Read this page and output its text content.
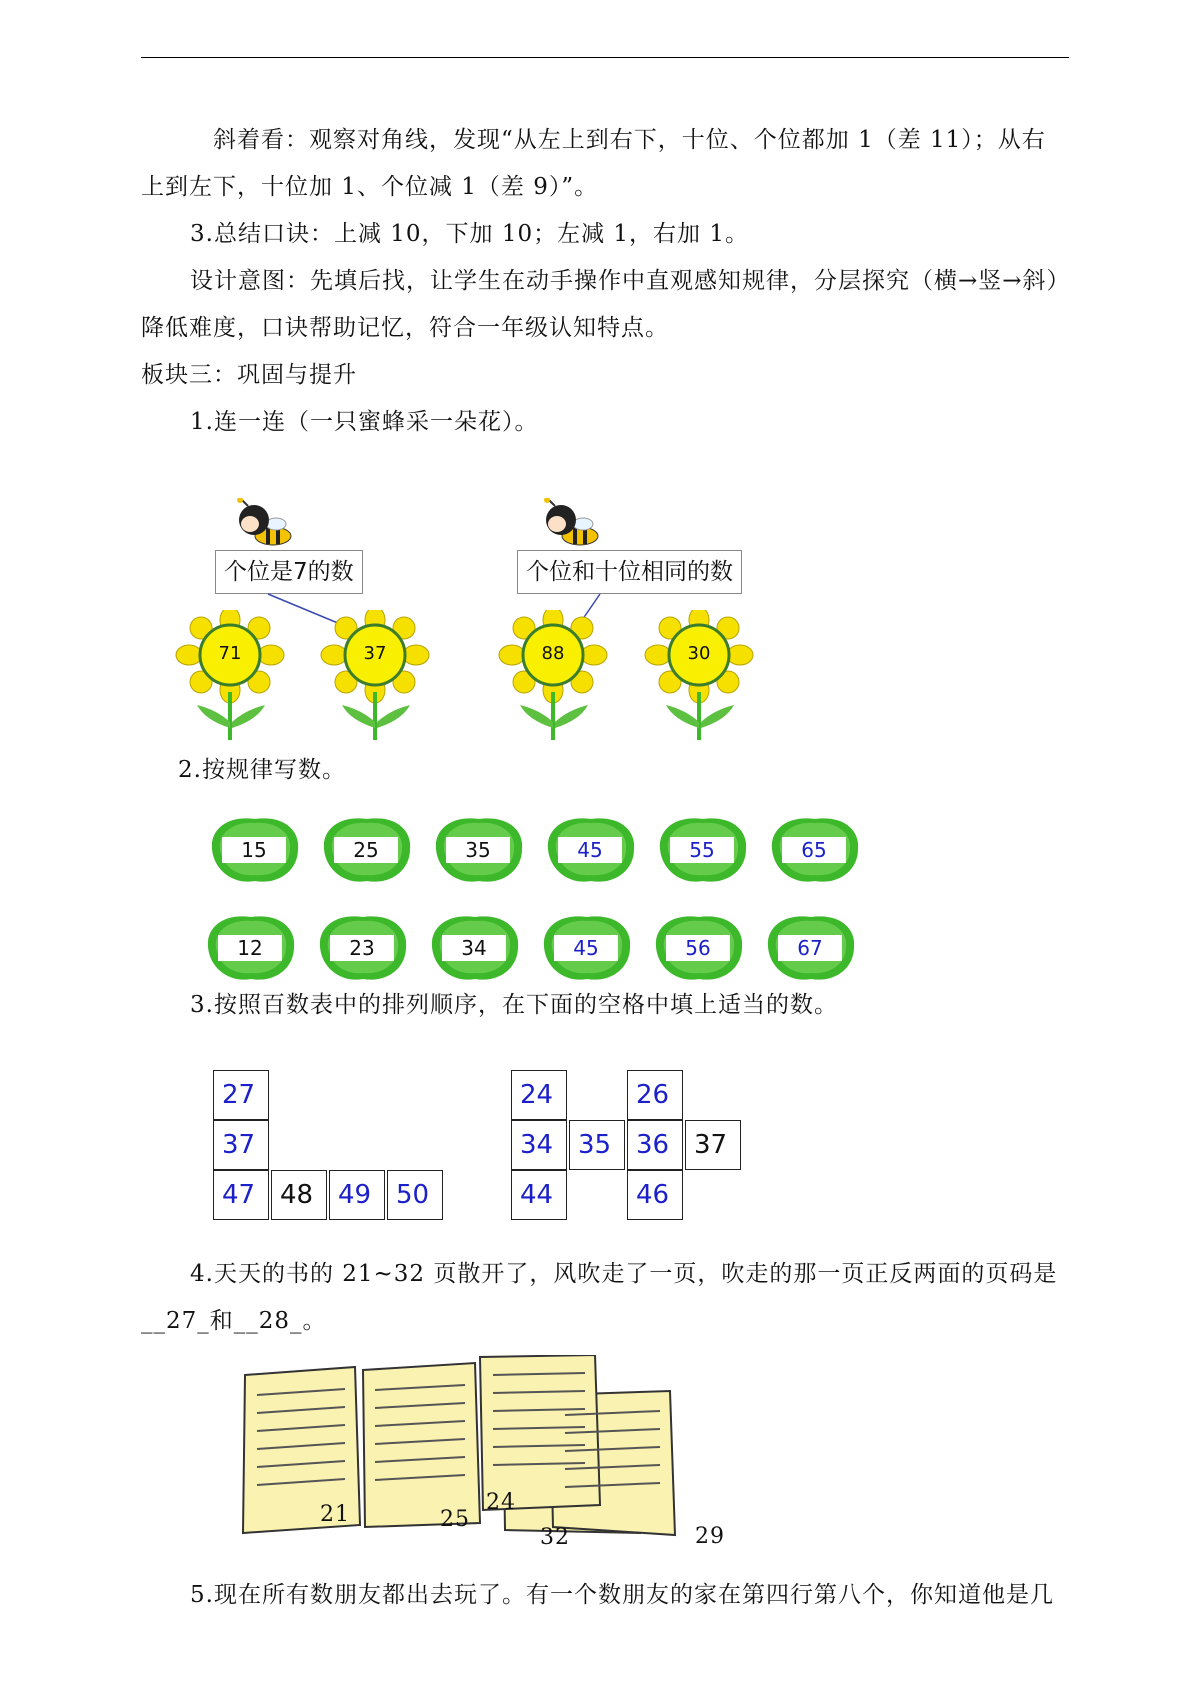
斜着看：观察对角线，发现“从左上到右下，十位、个位都加 1（差 11）；从右
上到左下，十位加 1、个位减 1（差 9）”。
3.总结口诀：上减 10，下加 10；左减 1，右加 1。
设计意图：先填后找，让学生在动手操作中直观感知规律，分层探究（横→竖→斜）
降低难度，口诀帮助记忆，符合一年级认知特点。
板块三：巩固与提升
1.连一连（一只蜜蜂采一朵花）。
个位是7的数	个位和十位相同的数
71	37	88	30
2.按规律写数。
15	25	35	45	55	65
12	23	34	45	56	67
3.按照百数表中的排列顺序，在下面的空格中填上适当的数。
27
37
47 48 49 50
24	26
34 35 36 37
44	46
4.天天的书的 21~32 页散开了，风吹走了一页，吹走的那一页正反两面的页码是
__27_和__28_。
21	25
24
32	29
5.现在所有数朋友都出去玩了。有一个数朋友的家在第四行第八个，你知道他是几
